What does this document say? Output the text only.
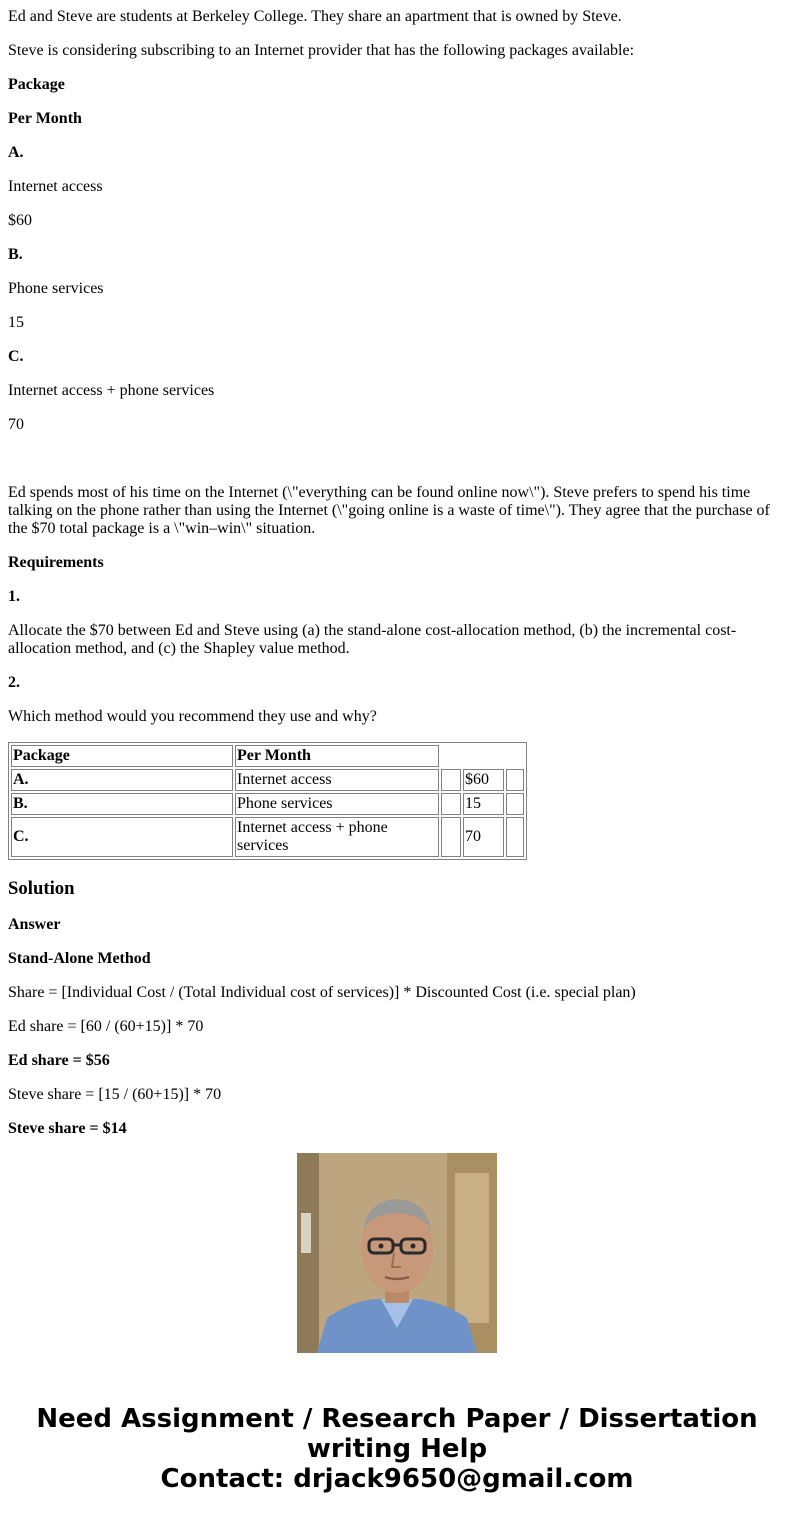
Ed and Steve are students at Berkeley College. They share an apartment that is owned by Steve.

Steve is considering subscribing to an Internet provider that has the following packages available:

Package

Per Month

A.

Internet access

$60

B.

Phone services

15

C.

Internet access + phone services

70

Ed spends most of his time on the Internet (\"everything can be found online now\"). Steve prefers to spend his time talking on the phone rather than using the Internet (\"going online is a waste of time\"). They agree that the purchase of the $70 total package is a \"win–win\" situation.

Requirements

1.

Allocate the $70 between Ed and Steve using (a) the stand-alone cost-allocation method, (b) the incremental cost-allocation method, and (c) the Shapley value method.

2.

Which method would you recommend they use and why?

Package	Per Month			
A.	Internet access		$60	
B.	Phone services		15	
C.	Internet access + phone services		70	
Solution

Answer

Stand-Alone Method

Share = [Individual Cost / (Total Individual cost of services)] * Discounted Cost (i.e. special plan)

Ed share = [60 / (60+15)] * 70

Ed share = $56

Steve share = [15 / (60+15)] * 70

Steve share = $14

Need Assignment / Research Paper / Dissertation
writing Help
Contact: drjack9650@gmail.com
